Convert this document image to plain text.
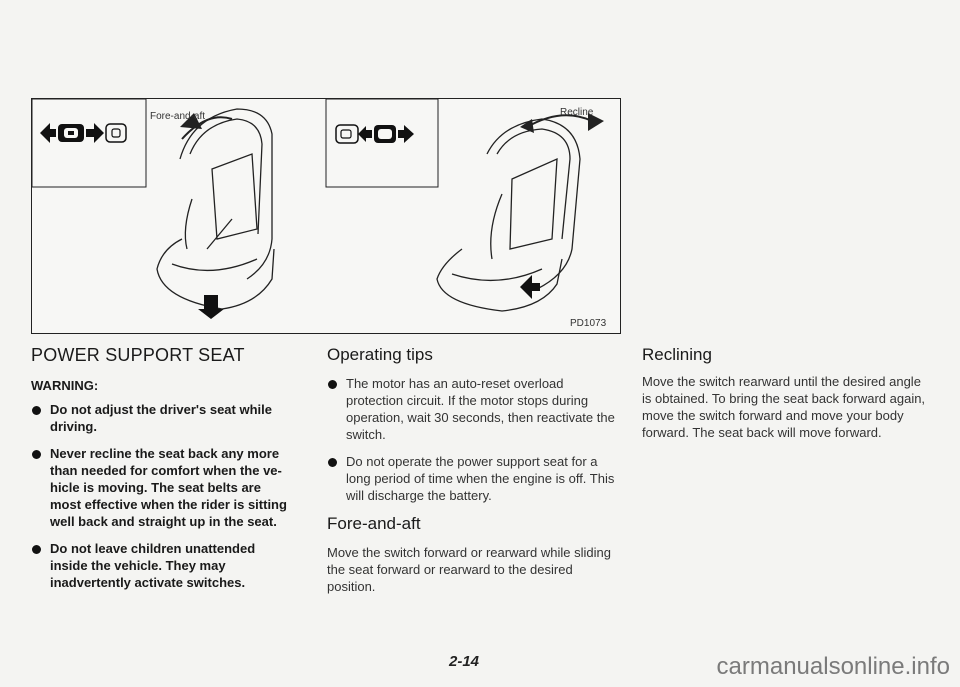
Fore-and-aft	Recline
PD1073
POWER SUPPORT SEAT
WARNING:
Do not adjust the driver's seat while driving.
Never recline the seat back any more than needed for comfort when the ve- hicle is moving. The seat belts are most effective when the rider is sitting well back and straight up in the seat.
Do not leave children unattended inside the vehicle. They may inadvertently activate switches.
Operating tips
The motor has an auto-reset overload protection circuit. If the motor stops during operation, wait 30 seconds, then reactivate the switch.
Do not operate the power support seat for a long period of time when the engine is off. This will discharge the battery.
Fore-and-aft

Move the switch forward or rearward while sliding the seat forward or rearward to the desired position.

Reclining

Move the switch rearward until the desired angle is obtained. To bring the seat back forward again, move the switch forward and move your body forward. The seat back will move forward.

2-14	carmanualsonline.info
